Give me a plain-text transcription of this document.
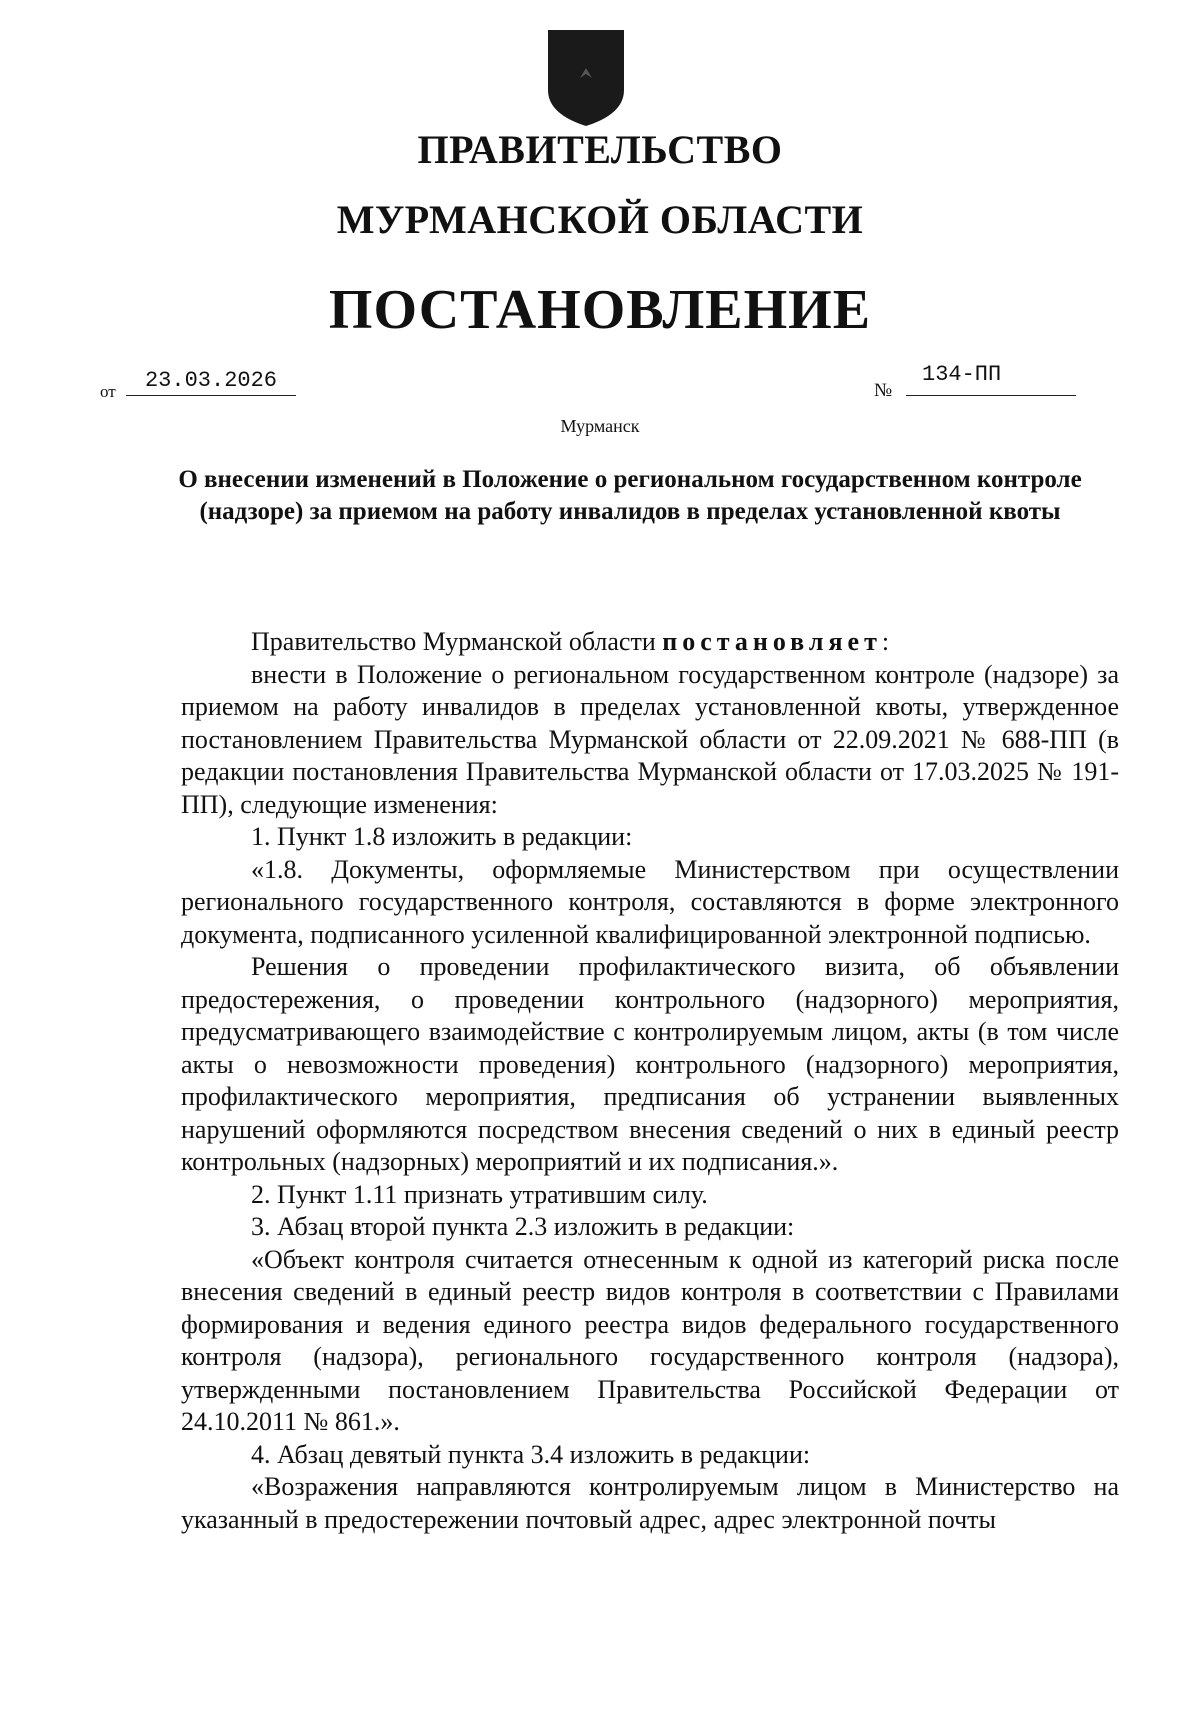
ПРАВИТЕЛЬСТВО
МУРМАНСКОЙ ОБЛАСТИ
ПОСТАНОВЛЕНИЕ
от	23.03.2026	№
134-ПП
Мурманск
О внесении изменений в Положение о региональном государственном контроле (надзоре) за приемом на работу инвалидов в пределах установленной квоты

Правительство Мурманской области постановляет:

внести в Положение о региональном государственном контроле (надзоре) за приемом на работу инвалидов в пределах установленной квоты, утвержденное постановлением Правительства Мурманской области от 22.09.2021 № 688-ПП (в редакции постановления Правительства Мурманской области от 17.03.2025 № 191-ПП), следующие изменения:

1. Пункт 1.8 изложить в редакции:

«1.8. Документы, оформляемые Министерством при осуществлении регионального государственного контроля, составляются в форме электронного документа, подписанного усиленной квалифицированной электронной подписью.

Решения о проведении профилактического визита, об объявлении предостережения, о проведении контрольного (надзорного) мероприятия, предусматривающего взаимодействие с контролируемым лицом, акты (в том числе акты о невозможности проведения) контрольного (надзорного) мероприятия, профилактического мероприятия, предписания об устранении выявленных нарушений оформляются посредством внесения сведений о них в единый реестр контрольных (надзорных) мероприятий и их подписания.».

2. Пункт 1.11 признать утратившим силу.

3. Абзац второй пункта 2.3 изложить в редакции:

«Объект контроля считается отнесенным к одной из категорий риска после внесения сведений в единый реестр видов контроля в соответствии с Правилами формирования и ведения единого реестра видов федерального государственного контроля (надзора), регионального государственного контроля (надзора), утвержденными постановлением Правительства Российской Федерации от 24.10.2011 № 861.».

4. Абзац девятый пункта 3.4 изложить в редакции:

«Возражения направляются контролируемым лицом в Министерство на указанный в предостережении почтовый адрес, адрес электронной почты
